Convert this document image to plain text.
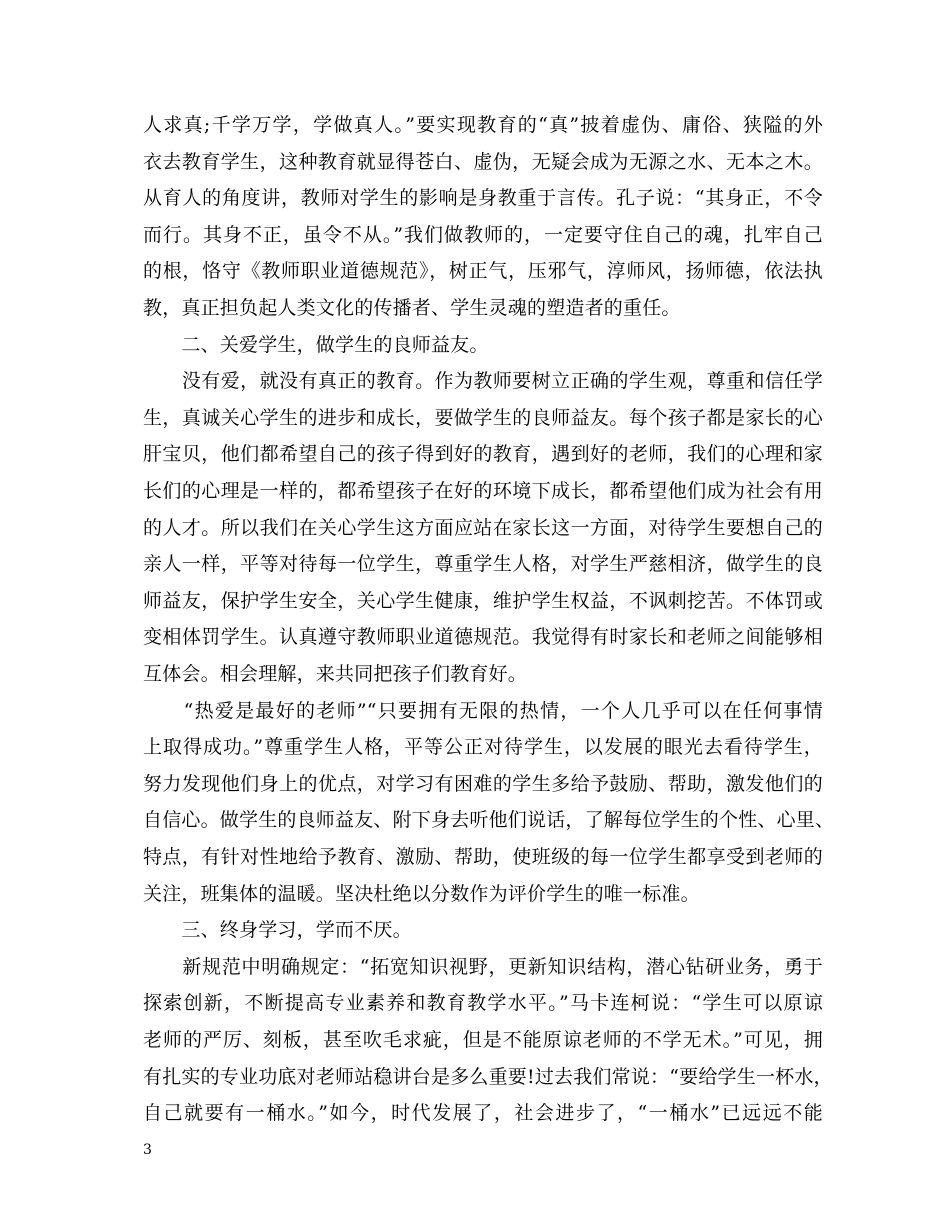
人求真;千学万学，学做真人。”要实现教育的“真”披着虚伪、庸俗、狭隘的外
衣去教育学生，这种教育就显得苍白、虚伪，无疑会成为无源之水、无本之木。
从育人的角度讲，教师对学生的影响是身教重于言传。孔子说：“其身正，不令
而行。其身不正，虽令不从。”我们做教师的，一定要守住自己的魂，扎牢自己
的根，恪守《教师职业道德规范》，树正气，压邪气，淳师风，扬师德，依法执
教，真正担负起人类文化的传播者、学生灵魂的塑造者的重任。
　　二、关爱学生，做学生的良师益友。
　　没有爱，就没有真正的教育。作为教师要树立正确的学生观，尊重和信任学
生，真诚关心学生的进步和成长，要做学生的良师益友。每个孩子都是家长的心
肝宝贝，他们都希望自己的孩子得到好的教育，遇到好的老师，我们的心理和家
长们的心理是一样的，都希望孩子在好的环境下成长，都希望他们成为社会有用
的人才。所以我们在关心学生这方面应站在家长这一方面，对待学生要想自己的
亲人一样，平等对待每一位学生，尊重学生人格，对学生严慈相济，做学生的良
师益友，保护学生安全，关心学生健康，维护学生权益，不讽刺挖苦。不体罚或
变相体罚学生。认真遵守教师职业道德规范。我觉得有时家长和老师之间能够相
互体会。相会理解，来共同把孩子们教育好。
　　“热爱是最好的老师”“只要拥有无限的热情，一个人几乎可以在任何事情
上取得成功。”尊重学生人格，平等公正对待学生，以发展的眼光去看待学生，
努力发现他们身上的优点，对学习有困难的学生多给予鼓励、帮助，激发他们的
自信心。做学生的良师益友、附下身去听他们说话，了解每位学生的个性、心里、
特点，有针对性地给予教育、激励、帮助，使班级的每一位学生都享受到老师的
关注，班集体的温暖。坚决杜绝以分数作为评价学生的唯一标准。
　　三、终身学习，学而不厌。
　　新规范中明确规定：“拓宽知识视野，更新知识结构，潜心钻研业务，勇于
探索创新，不断提高专业素养和教育教学水平。”马卡连柯说：“学生可以原谅
老师的严厉、刻板，甚至吹毛求疵，但是不能原谅老师的不学无术。”可见，拥
有扎实的专业功底对老师站稳讲台是多么重要!过去我们常说：“要给学生一杯水，
自己就要有一桶水。”如今，时代发展了，社会进步了，“一桶水”已远远不能
3
